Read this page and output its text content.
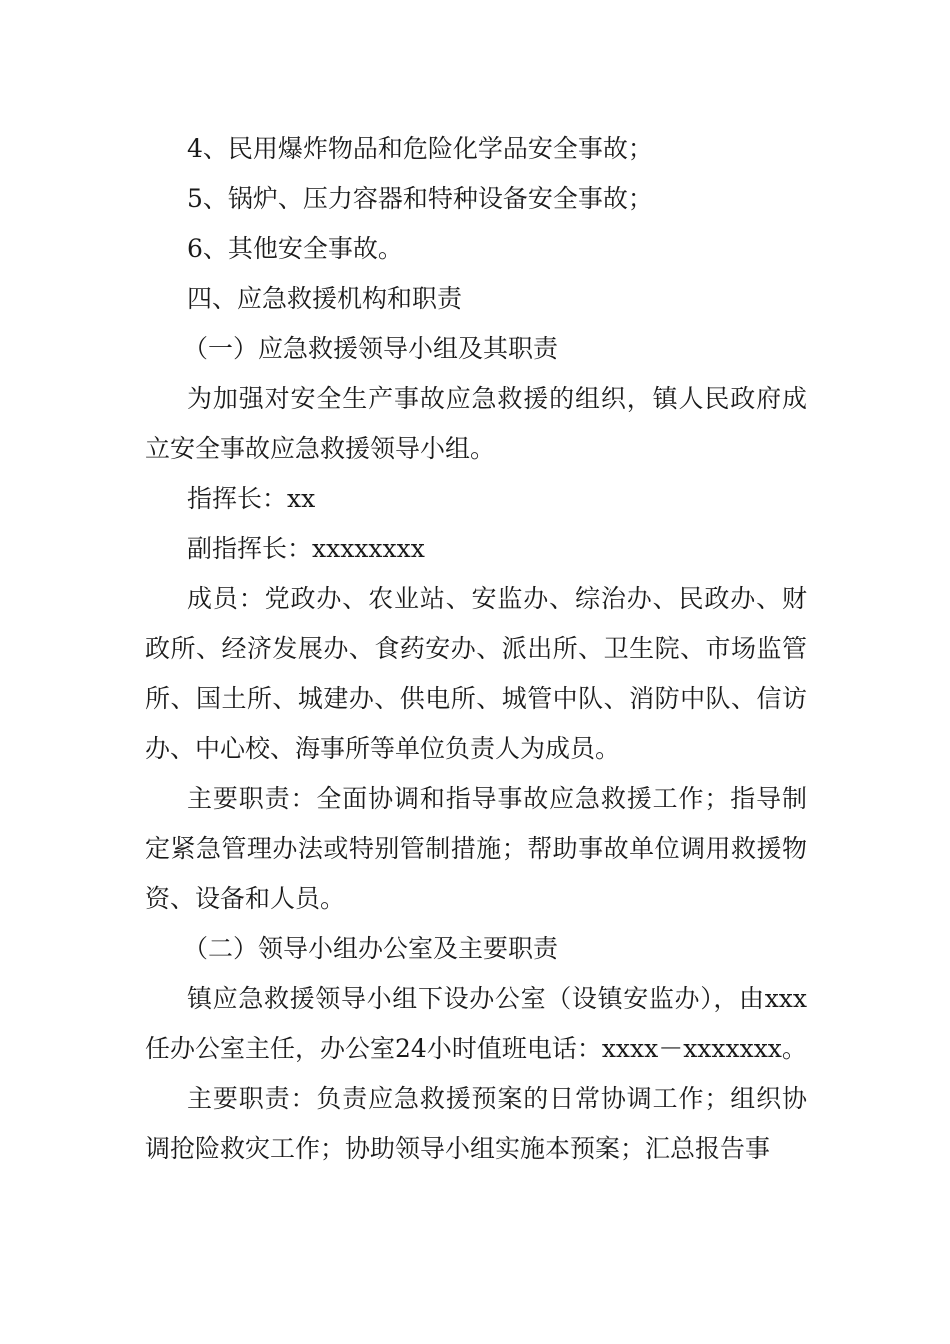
4、民用爆炸物品和危险化学品安全事故；

5、锅炉、压力容器和特种设备安全事故；

6、其他安全事故。

四、应急救援机构和职责

（一）应急救援领导小组及其职责

为加强对安全生产事故应急救援的组织，镇人民政府成立安全事故应急救援领导小组。

指挥长：xx

副指挥长：xxxxxxxx

成员：党政办、农业站、安监办、综治办、民政办、财政所、经济发展办、食药安办、派出所、卫生院、市场监管所、国土所、城建办、供电所、城管中队、消防中队、信访办、中心校、海事所等单位负责人为成员。

主要职责：全面协调和指导事故应急救援工作；指导制定紧急管理办法或特别管制措施；帮助事故单位调用救援物资、设备和人员。

（二）领导小组办公室及主要职责

镇应急救援领导小组下设办公室（设镇安监办），由xxx任办公室主任，办公室24小时值班电话：xxxx－xxxxxxx。

主要职责：负责应急救援预案的日常协调工作；组织协调抢险救灾工作；协助领导小组实施本预案；汇总报告事
